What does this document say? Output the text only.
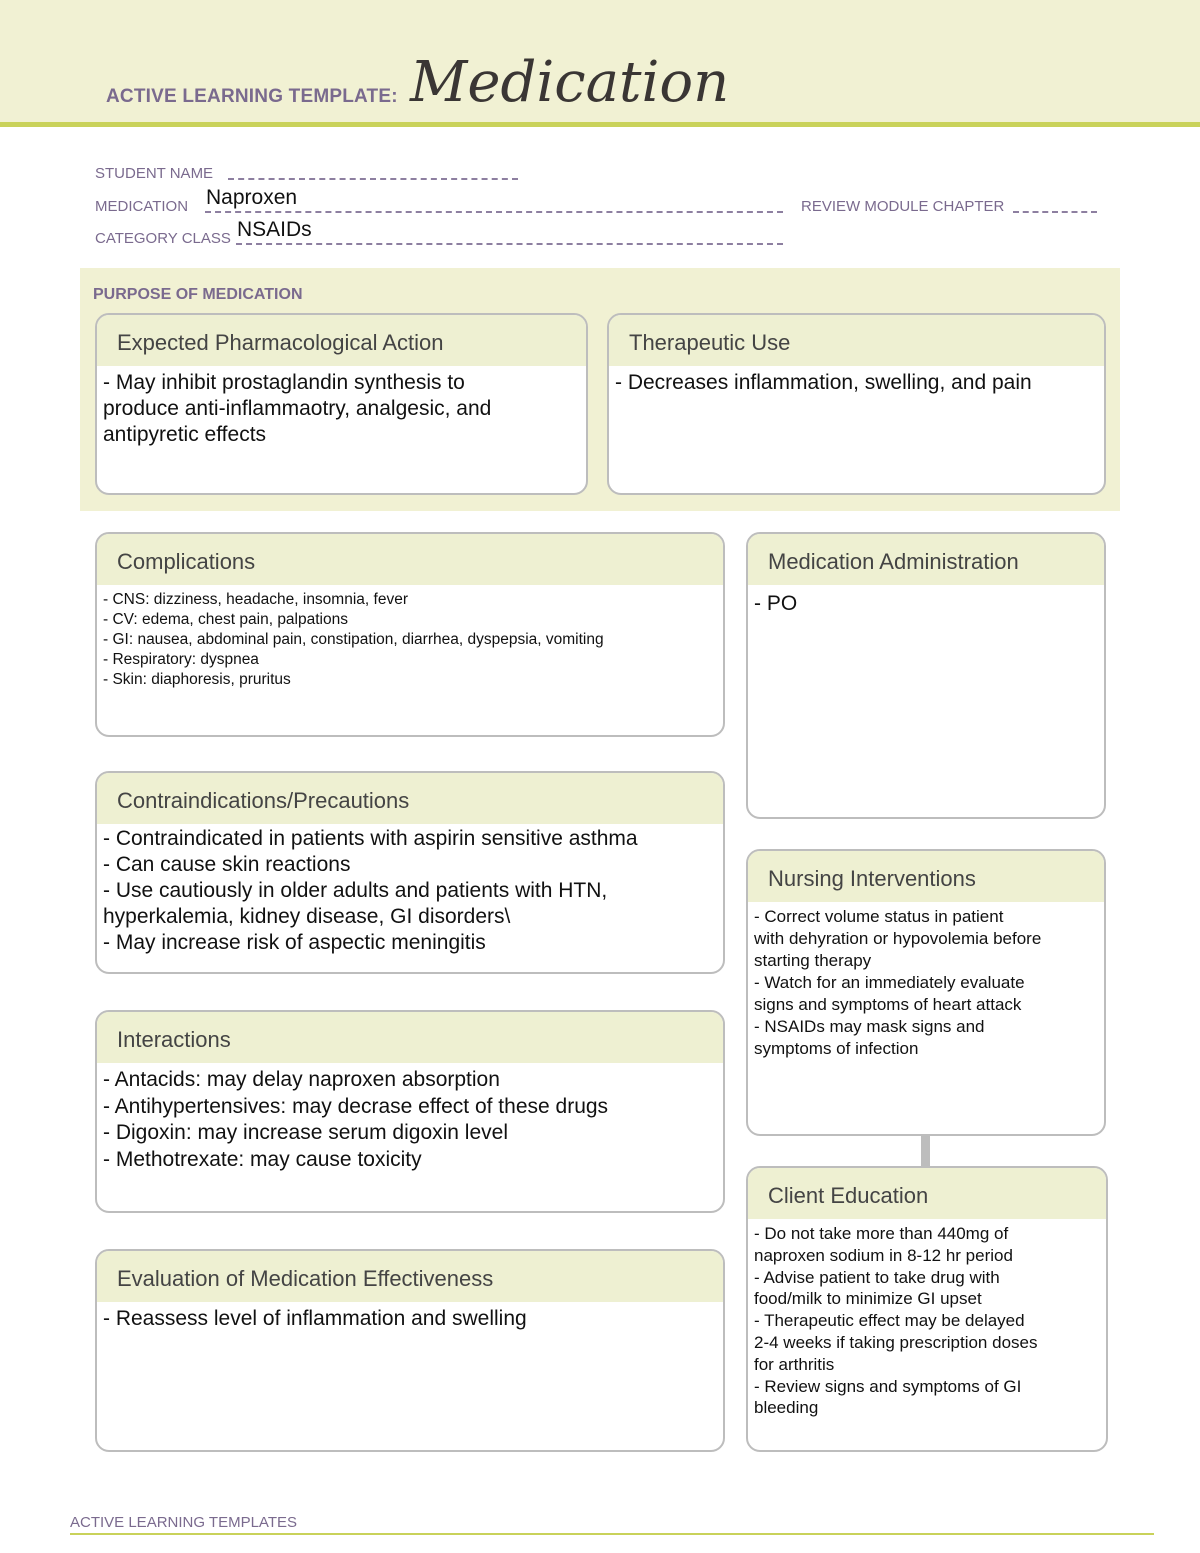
ACTIVE LEARNING TEMPLATE: Medication
STUDENT NAME
MEDICATION Naproxen	REVIEW MODULE CHAPTER
CATEGORY CLASS NSAIDs
PURPOSE OF MEDICATION
Expected Pharmacological Action
- May inhibit prostaglandin synthesis to
produce anti-inflammaotry, analgesic, and
antipyretic effects
Therapeutic Use
- Decreases inflammation, swelling, and pain
Complications
- CNS: dizziness, headache, insomnia, fever
- CV: edema, chest pain, palpations
- GI: nausea, abdominal pain, constipation, diarrhea, dyspepsia, vomiting
- Respiratory: dyspnea
- Skin: diaphoresis, pruritus
Medication Administration
- PO
Contraindications/Precautions
- Contraindicated in patients with aspirin sensitive asthma
- Can cause skin reactions
- Use cautiously in older adults and patients with HTN,
hyperkalemia, kidney disease, GI disorders\
- May increase risk of aspectic meningitis
Nursing Interventions
- Correct volume status in patient
with dehyration or hypovolemia before
starting therapy
- Watch for an immediately evaluate
signs and symptoms of heart attack
- NSAIDs may mask signs and
symptoms of infection
Interactions
- Antacids: may delay naproxen absorption
- Antihypertensives: may decrase effect of these drugs
- Digoxin: may increase serum digoxin level
- Methotrexate: may cause toxicity
Client Education
- Do not take more than 440mg of
naproxen sodium in 8-12 hr period
- Advise patient to take drug with
food/milk to minimize GI upset
- Therapeutic effect may be delayed
2-4 weeks if taking prescription doses
for arthritis
- Review signs and symptoms of GI
bleeding
Evaluation of Medication Effectiveness
- Reassess level of inflammation and swelling
ACTIVE LEARNING TEMPLATES
